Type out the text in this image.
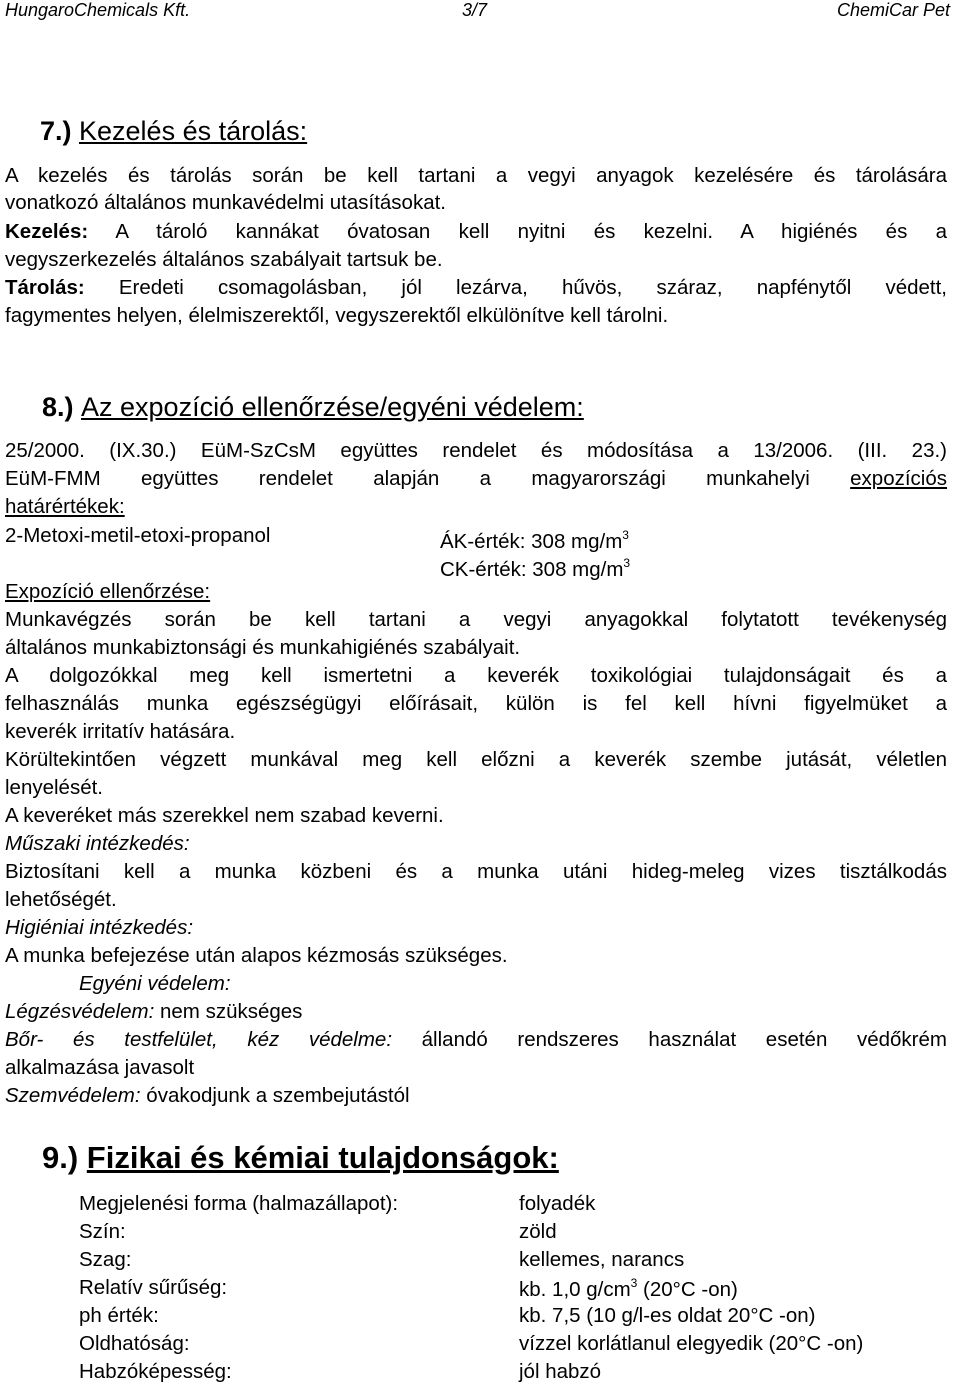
HungaroChemicals Kft.	3/7	ChemiCar Pet
7.) Kezelés és tárolás:
A kezelés és tárolás során be kell tartani a vegyi anyagok kezelésére és tárolására
vonatkozó általános munkavédelmi utasításokat.
Kezelés: A tároló kannákat óvatosan kell nyitni és kezelni. A higiénés és a
vegyszerkezelés általános szabályait tartsuk be.
Tárolás: Eredeti csomagolásban, jól lezárva, hűvös, száraz, napfénytől védett,
fagymentes helyen, élelmiszerektől, vegyszerektől elkülönítve kell tárolni.
8.) Az expozíció ellenőrzése/egyéni védelem:
25/2000. (IX.30.) EüM-SzCsM együttes rendelet és módosítása a 13/2006. (III. 23.)
EüM-FMM együttes rendelet alapján a magyarországi munkahelyi expozíciós
határértékek:
2-Metoxi-metil-etoxi-propanol	ÁK-érték: 308 $mg/m^3$
CK-érték: 308 $mg/m^3$
Expozíció ellenőrzése:
Munkavégzés során be kell tartani a vegyi anyagokkal folytatott tevékenység
általános munkabiztonsági és munkahigiénés szabályait.
A dolgozókkal meg kell ismertetni a keverék toxikológiai tulajdonságait és a
felhasználás munka egészségügyi előírásait, külön is fel kell hívni figyelmüket a
keverék irritatív hatására.
Körültekintően végzett munkával meg kell előzni a keverék szembe jutását, véletlen
lenyelését.
A keveréket más szerekkel nem szabad keverni.
Műszaki intézkedés:
Biztosítani kell a munka közbeni és a munka utáni hideg-meleg vizes tisztálkodás
lehetőségét.
Higiéniai intézkedés:
A munka befejezése után alapos kézmosás szükséges.
Egyéni védelem:
Légzésvédelem: nem szükséges
Bőr- és testfelület, kéz védelme: állandó rendszeres használat esetén védőkrém
alkalmazása javasolt
Szemvédelem: óvakodjunk a szembejutástól
9.) Fizikai és kémiai tulajdonságok:
Megjelenési forma (halmazállapot):	folyadék
Szín:	zöld
Szag:	kellemes, narancs
Relatív sűrűség:	kb. 1,0 $g/cm^3$ (20°C -on)
ph érték:	kb. 7,5 (10 g/l-es oldat 20°C -on)
Oldhatóság:	vízzel korlátlanul elegyedik (20°C -on)
Habzóképesség:	jól habzó
